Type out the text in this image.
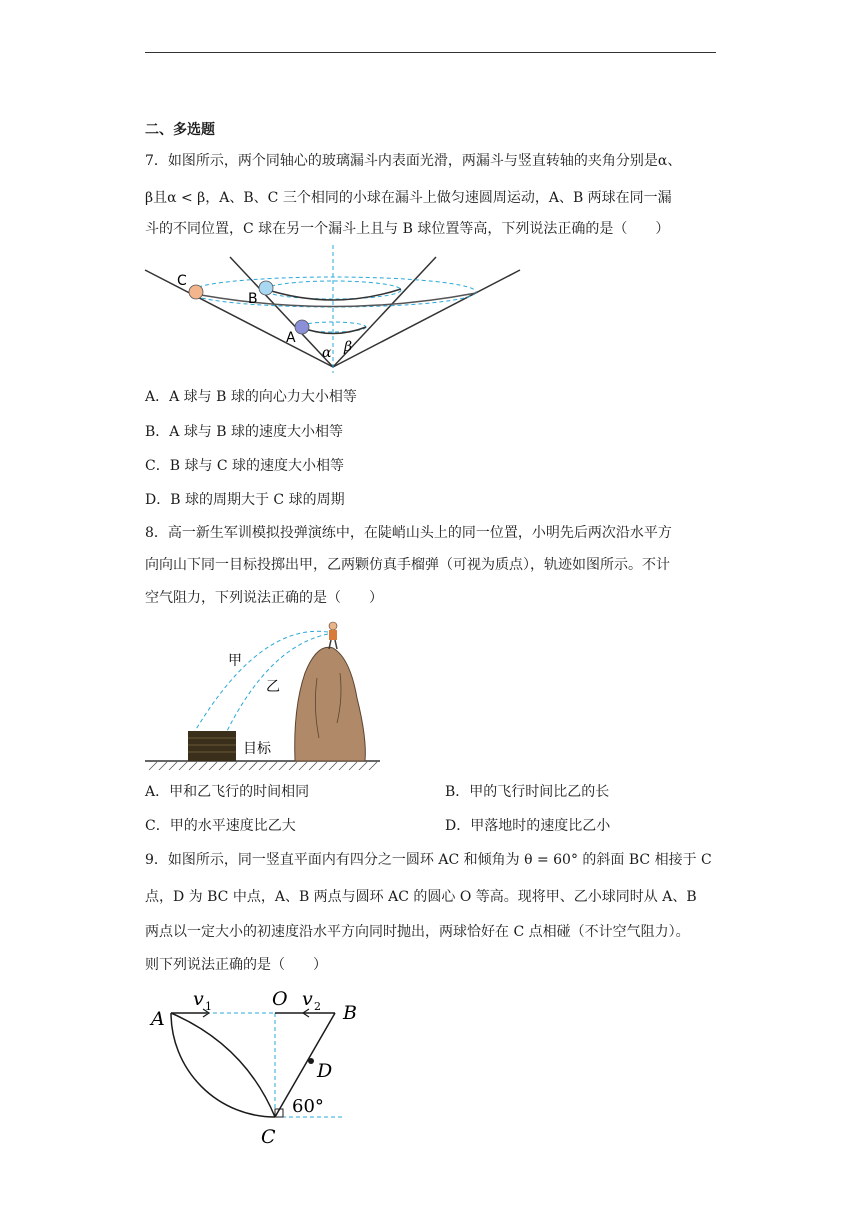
二、多选题
7．如图所示，两个同轴心的玻璃漏斗内表面光滑，两漏斗与竖直转轴的夹角分别是α、
β且α < β，A、B、C 三个相同的小球在漏斗上做匀速圆周运动，A、B 两球在同一漏
斗的不同位置，C 球在另一个漏斗上且与 B 球位置等高，下列说法正确的是（　　）
C
B
A
α β
A．A 球与 B 球的向心力大小相等
B．A 球与 B 球的速度大小相等
C．B 球与 C 球的速度大小相等
D．B 球的周期大于 C 球的周期
8．高一新生军训模拟投弹演练中，在陡峭山头上的同一位置，小明先后两次沿水平方
向向山下同一目标投掷出甲，乙两颗仿真手榴弹（可视为质点），轨迹如图所示。不计
空气阻力，下列说法正确的是（　　）
甲
乙
目标
A．甲和乙飞行的时间相同	B．甲的飞行时间比乙的长
C．甲的水平速度比乙大	D．甲落地时的速度比乙小
9．如图所示，同一竖直平面内有四分之一圆环 AC 和倾角为 θ = 60° 的斜面 BC 相接于 C
点，D 为 BC 中点，A、B 两点与圆环 AC 的圆心 O 等高。现将甲、乙小球同时从 A、B
两点以一定大小的初速度沿水平方向同时抛出，两球恰好在 C 点相碰（不计空气阻力）。
则下列说法正确的是（　　）
A
v 1	O v 2 B
D
60°
C
